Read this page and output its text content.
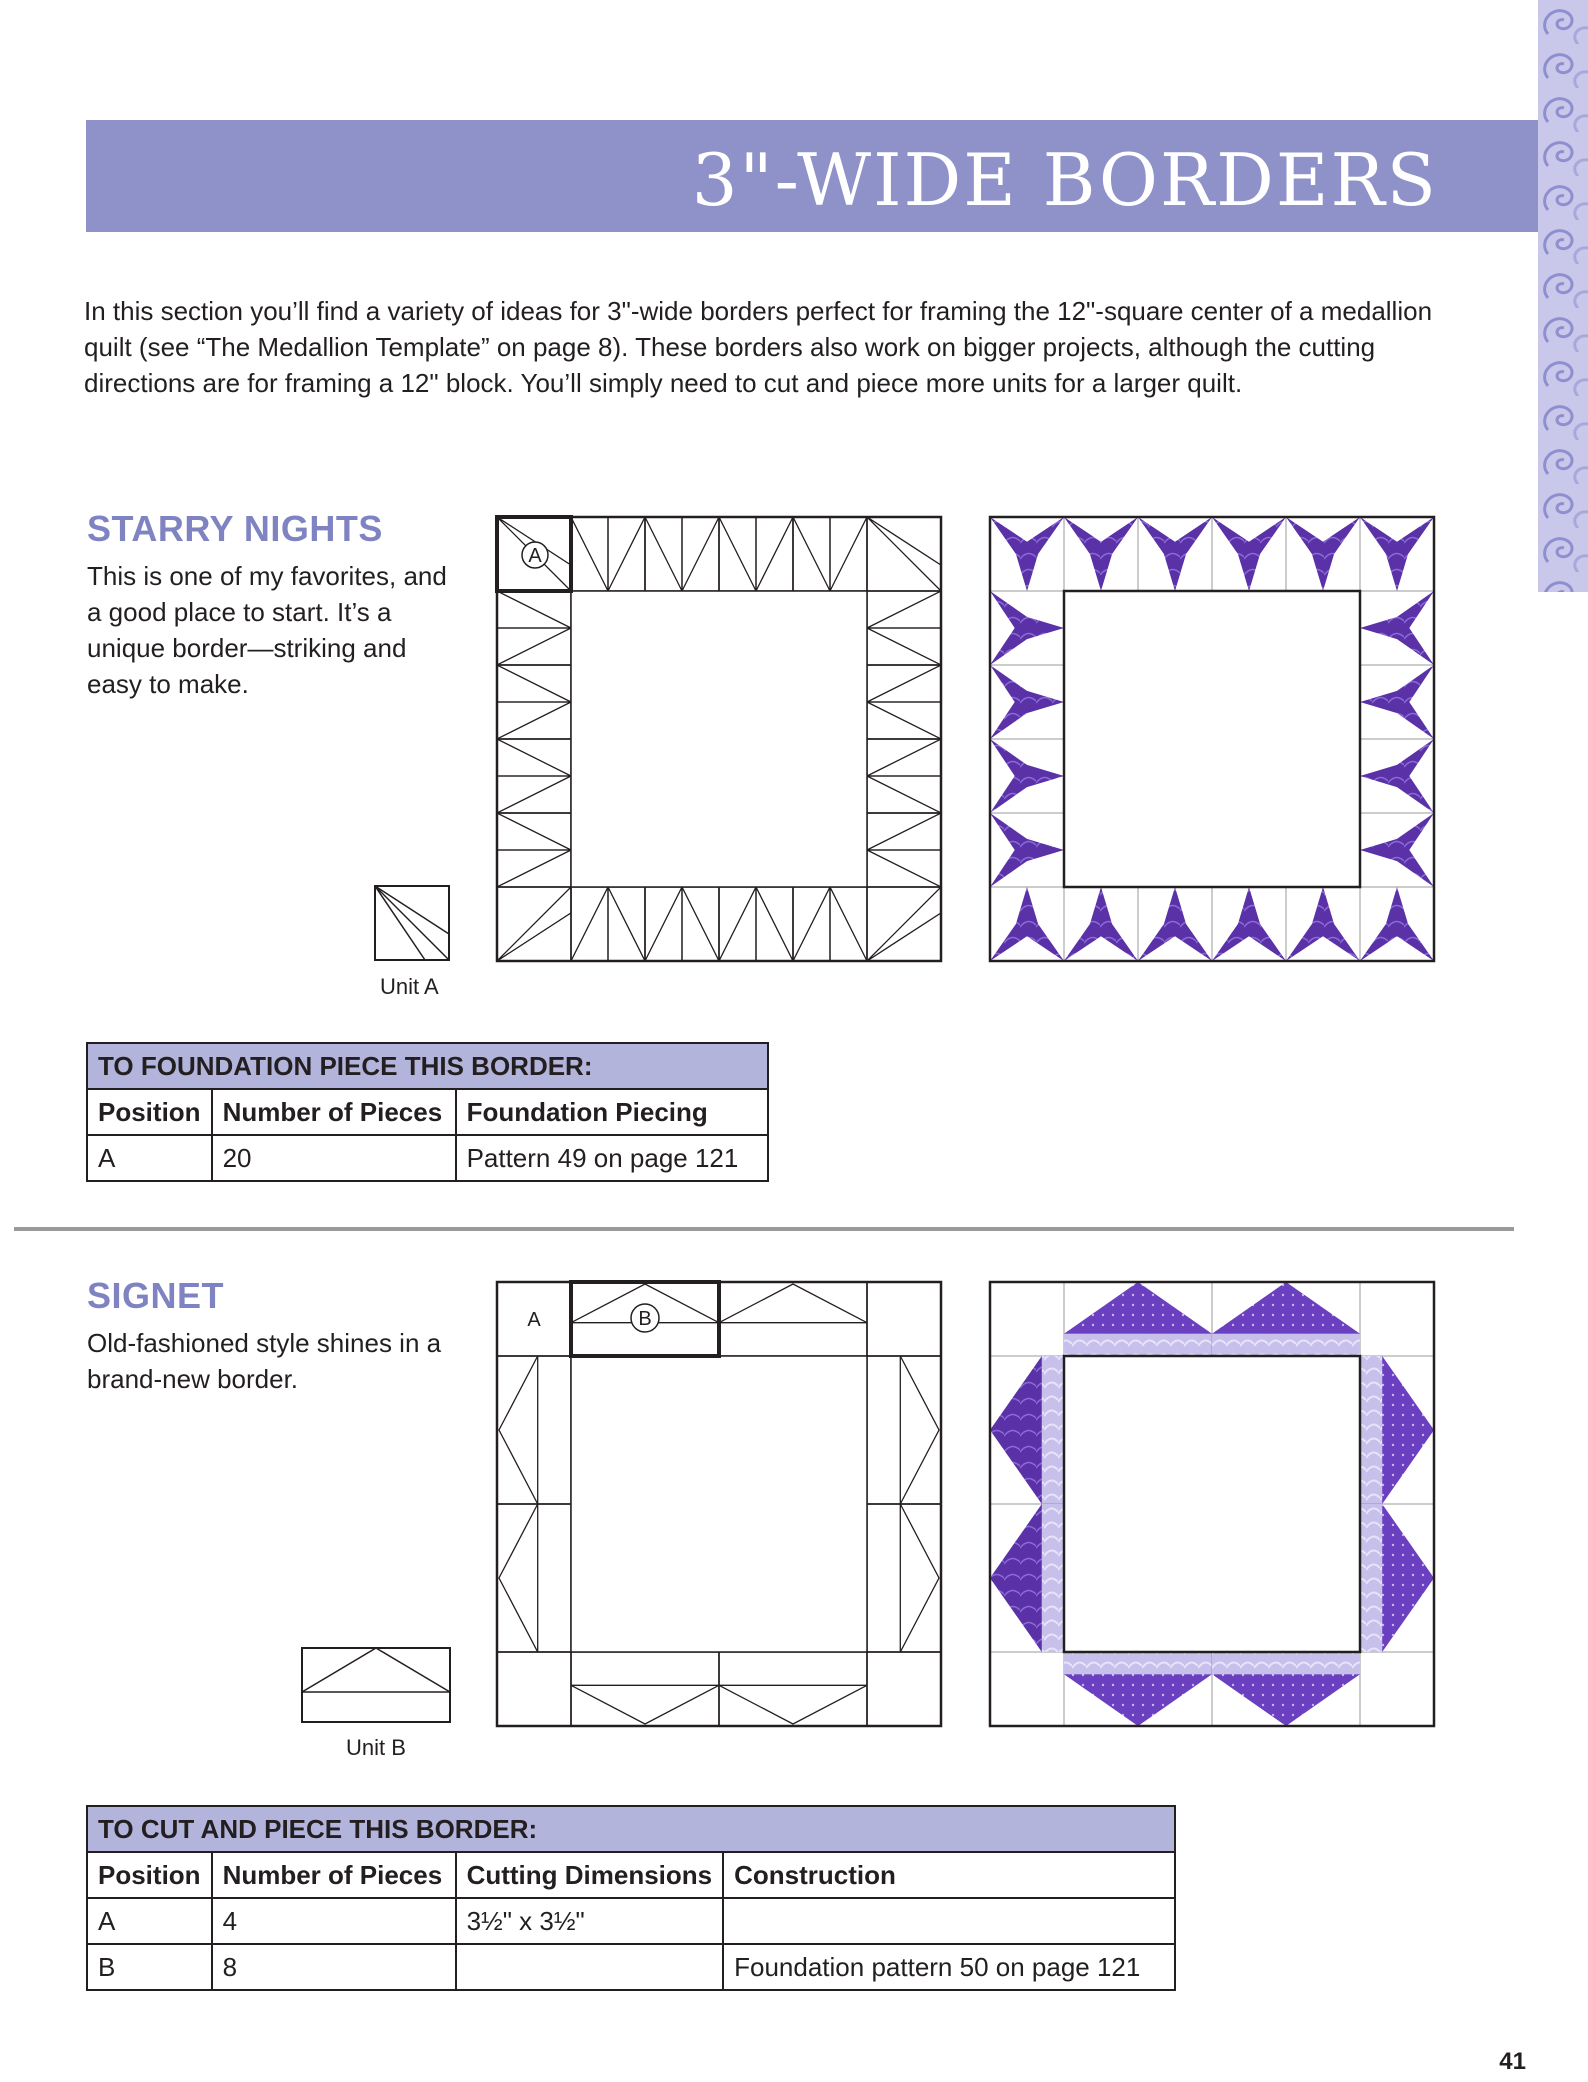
3"-WIDE BORDERS
In this section you’ll find a variety of ideas for 3"-wide borders perfect for framing the 12"-square center of a medallion quilt (see “The Medallion Template” on page 8). These borders also work on bigger projects, although the cutting directions are for framing a 12" block. You’ll simply need to cut and piece more units for a larger quilt.
STARRY NIGHTS
This is one of my favorites, and a good place to start. It’s a unique border—striking and easy to make.
Unit A
A
TO FOUNDATION PIECE THIS BORDER:		
Position	Number of Pieces	Foundation Piecing
A	20	Pattern 49 on page 121
SIGNET
Old-fashioned style shines in a brand-new border.
Unit B
A	B
TO CUT AND PIECE THIS BORDER:			
Position	Number of Pieces	Cutting Dimensions	Construction
A	4	3½" x 3½"	
B	8		Foundation pattern 50 on page 121
41
